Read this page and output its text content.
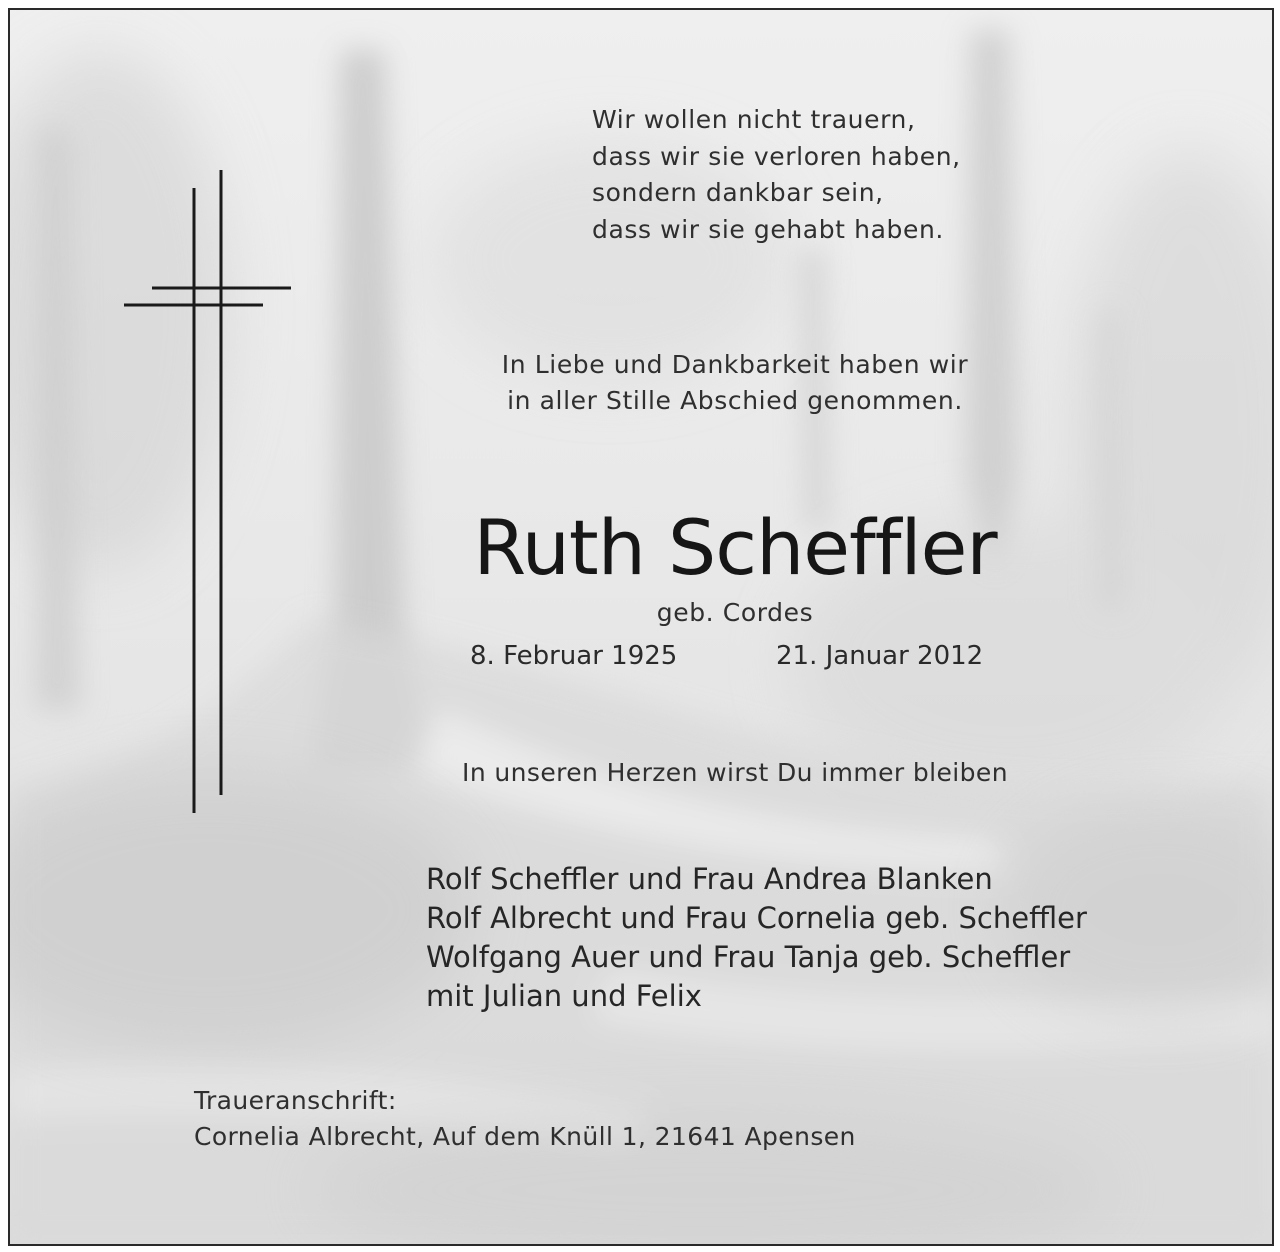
Wir wollen nicht trauern,
dass wir sie verloren haben,
sondern dankbar sein,
dass wir sie gehabt haben.

In Liebe und Dankbarkeit haben wir

in aller Stille Abschied genommen.

Ruth Scheffler

geb. Cordes

8. Februar 1925	21. Januar 2012

In unseren Herzen wirst Du immer bleiben

Rolf Scheffler und Frau Andrea Blanken
Rolf Albrecht und Frau Cornelia geb. Scheffler
Wolfgang Auer und Frau Tanja geb. Scheffler
mit Julian und Felix

Traueranschrift:

Cornelia Albrecht, Auf dem Knüll 1, 21641 Apensen
